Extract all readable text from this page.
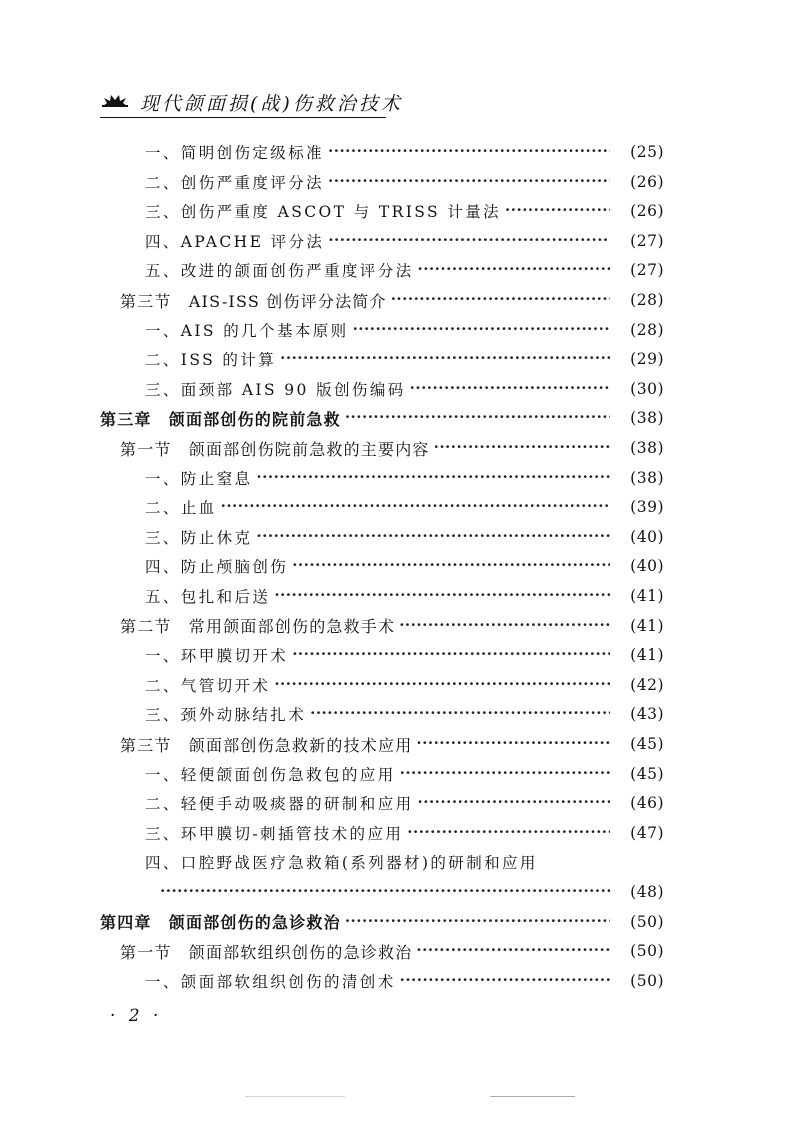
现代颌面损(战)伤救治技术
一、简明创伤定级标准 ·····	(25)
二、创伤严重度评分法 ·····	(26)
三、创伤严重度 ASCOT 与 TRISS 计量法 ·····	(26)
四、APACHE 评分法 ·····	(27)
五、改进的颌面创伤严重度评分法 ·····	(27)
第三节　AIS-ISS 创伤评分法简介 ·····	(28)
一、AIS 的几个基本原则 ·····	(28)
二、ISS 的计算 ·····	(29)
三、面颈部 AIS 90 版创伤编码 ·····	(30)
第三章　颌面部创伤的院前急救 ·····	(38)
第一节　颌面部创伤院前急救的主要内容 ·····	(38)
一、防止窒息 ·····	(38)
二、止血 ·····	(39)
三、防止休克 ·····	(40)
四、防止颅脑创伤 ·····	(40)
五、包扎和后送 ·····	(41)
第二节　常用颌面部创伤的急救手术 ·····	(41)
一、环甲膜切开术 ·····	(41)
二、气管切开术 ·····	(42)
三、颈外动脉结扎术 ·····	(43)
第三节　颌面部创伤急救新的技术应用 ·····	(45)
一、轻便颌面创伤急救包的应用 ·····	(45)
二、轻便手动吸痰器的研制和应用 ·····	(46)
三、环甲膜切-刺插管技术的应用 ·····	(47)
四、口腔野战医疗急救箱(系列器材)的研制和应用
·····
(48)
第四章　颌面部创伤的急诊救治 ·····	(50)
第一节　颌面部软组织创伤的急诊救治 ·····	(50)
一、颌面部软组织创伤的清创术 ·····	(50)
· 2 ·
